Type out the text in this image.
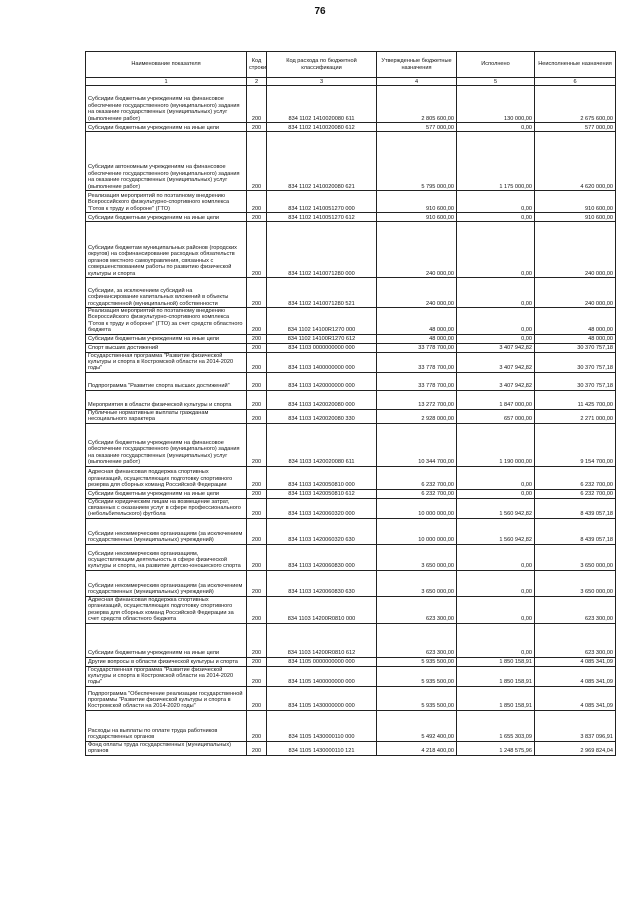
76
Наименование показателя	Код строки	Код расхода по бюджетной классификации	Утвержденные бюджетные назначения	Исполнено	Неисполненные назначения
1	2	3	4	5	6
Субсидии бюджетным учреждениям на финансовое обеспечение государственного (муниципального) задания на оказание государственных (муниципальных) услуг (выполнение работ)	200	834 1102 1410020080 611	2 805 600,00	130 000,00	2 675 600,00
Субсидии бюджетным учреждениям на иные цели	200	834 1102 1410020080 612	577 000,00	0,00	577 000,00
Субсидии автономным учреждениям на финансовое обеспечение государственного (муниципального) задания на оказание государственных (муниципальных) услуг (выполнение работ)	200	834 1102 1410020080 621	5 795 000,00	1 175 000,00	4 620 000,00
Реализация мероприятий по поэтапному внедрению Всероссийского физкультурно-спортивного комплекса "Готов к труду и обороне" (ГТО)	200	834 1102 1410051270 000	910 600,00	0,00	910 600,00
Субсидии бюджетным учреждениям на иные цели	200	834 1102 1410051270 612	910 600,00	0,00	910 600,00
Субсидии бюджетам муниципальных районов (городских округов) на софинансирование расходных обязательств органов местного самоуправления, связанных с совершенствованием работы по развитию физической культуры и спорта	200	834 1102 1410071280 000	240 000,00	0,00	240 000,00
Субсидии, за исключением субсидий на софинансирование капитальных вложений в объекты государственной (муниципальной) собственности	200	834 1102 1410071280 521	240 000,00	0,00	240 000,00
Реализация мероприятий по поэтапному внедрению Всероссийского физкультурно-спортивного комплекса "Готов к труду и обороне" (ГТО) за счет средств областного бюджета	200	834 1102 14100R1270 000	48 000,00	0,00	48 000,00
Субсидии бюджетным учреждениям на иные цели	200	834 1102 14100R1270 612	48 000,00	0,00	48 000,00
Спорт высших достижений	200	834 1103 0000000000 000	33 778 700,00	3 407 942,82	30 370 757,18
Государственная программа "Развитие физической культуры и спорта в Костромской области на 2014-2020 годы"	200	834 1103 1400000000 000	33 778 700,00	3 407 942,82	30 370 757,18
Подпрограмма "Развитие спорта высших достижений"	200	834 1103 1420000000 000	33 778 700,00	3 407 942,82	30 370 757,18
Мероприятия в области физической культуры и спорта	200	834 1103 1420020080 000	13 272 700,00	1 847 000,00	11 425 700,00
Публичные нормативные выплаты гражданам несоциального характера	200	834 1103 1420020080 330	2 928 000,00	657 000,00	2 271 000,00
Субсидии бюджетным учреждениям на финансовое обеспечение государственного (муниципального) задания на оказание государственных (муниципальных) услуг (выполнение работ)	200	834 1103 1420020080 611	10 344 700,00	1 190 000,00	9 154 700,00
Адресная финансовая поддержка спортивных организаций, осуществляющих подготовку спортивного резерва для сборных команд Российской Федерации	200	834 1103 1420050810 000	6 232 700,00	0,00	6 232 700,00
Субсидии бюджетным учреждениям на иные цели	200	834 1103 1420050810 612	6 232 700,00	0,00	6 232 700,00
Субсидии юридическим лицам на возмещение затрат, связанных с оказанием услуг в сфере профессионального (небольбительского) футбола	200	834 1103 1420060320 000	10 000 000,00	1 560 942,82	8 439 057,18
Субсидии некоммерческим организациям (за исключением государственных (муниципальных) учреждений)	200	834 1103 1420060320 630	10 000 000,00	1 560 942,82	8 439 057,18
Субсидии некоммерческим организациям, осуществляющим деятельность в сфере физической культуры и спорта, на развитие детско-юношеского спорта	200	834 1103 1420060830 000	3 650 000,00	0,00	3 650 000,00
Субсидии некоммерческим организациям (за исключением государственных (муниципальных) учреждений)	200	834 1103 1420060830 630	3 650 000,00	0,00	3 650 000,00
Адресная финансовая поддержка спортивных организаций, осуществляющих подготовку спортивного резерва для сборных команд Российской Федерации за счет средств областного бюджета	200	834 1103 14200R0810 000	623 300,00	0,00	623 300,00
Субсидии бюджетным учреждениям на иные цели	200	834 1103 14200R0810 612	623 300,00	0,00	623 300,00
Другие вопросы в области физической культуры и спорта	200	834 1105 0000000000 000	5 935 500,00	1 850 158,91	4 085 341,09
Государственная программа "Развитие физической культуры и спорта в Костромской области на 2014-2020 годы"	200	834 1105 1400000000 000	5 935 500,00	1 850 158,91	4 085 341,09
Подпрограмма "Обеспечение реализации государственной программы "Развитие физической культуры и спорта в Костромской области на 2014-2020 годы"	200	834 1105 1430000000 000	5 935 500,00	1 850 158,91	4 085 341,09
Расходы на выплаты по оплате труда работников государственных органов	200	834 1105 1430000110 000	5 492 400,00	1 655 303,09	3 837 096,91
Фонд оплаты труда государственных (муниципальных) органов	200	834 1105 1430000110 121	4 218 400,00	1 248 575,96	2 969 824,04
